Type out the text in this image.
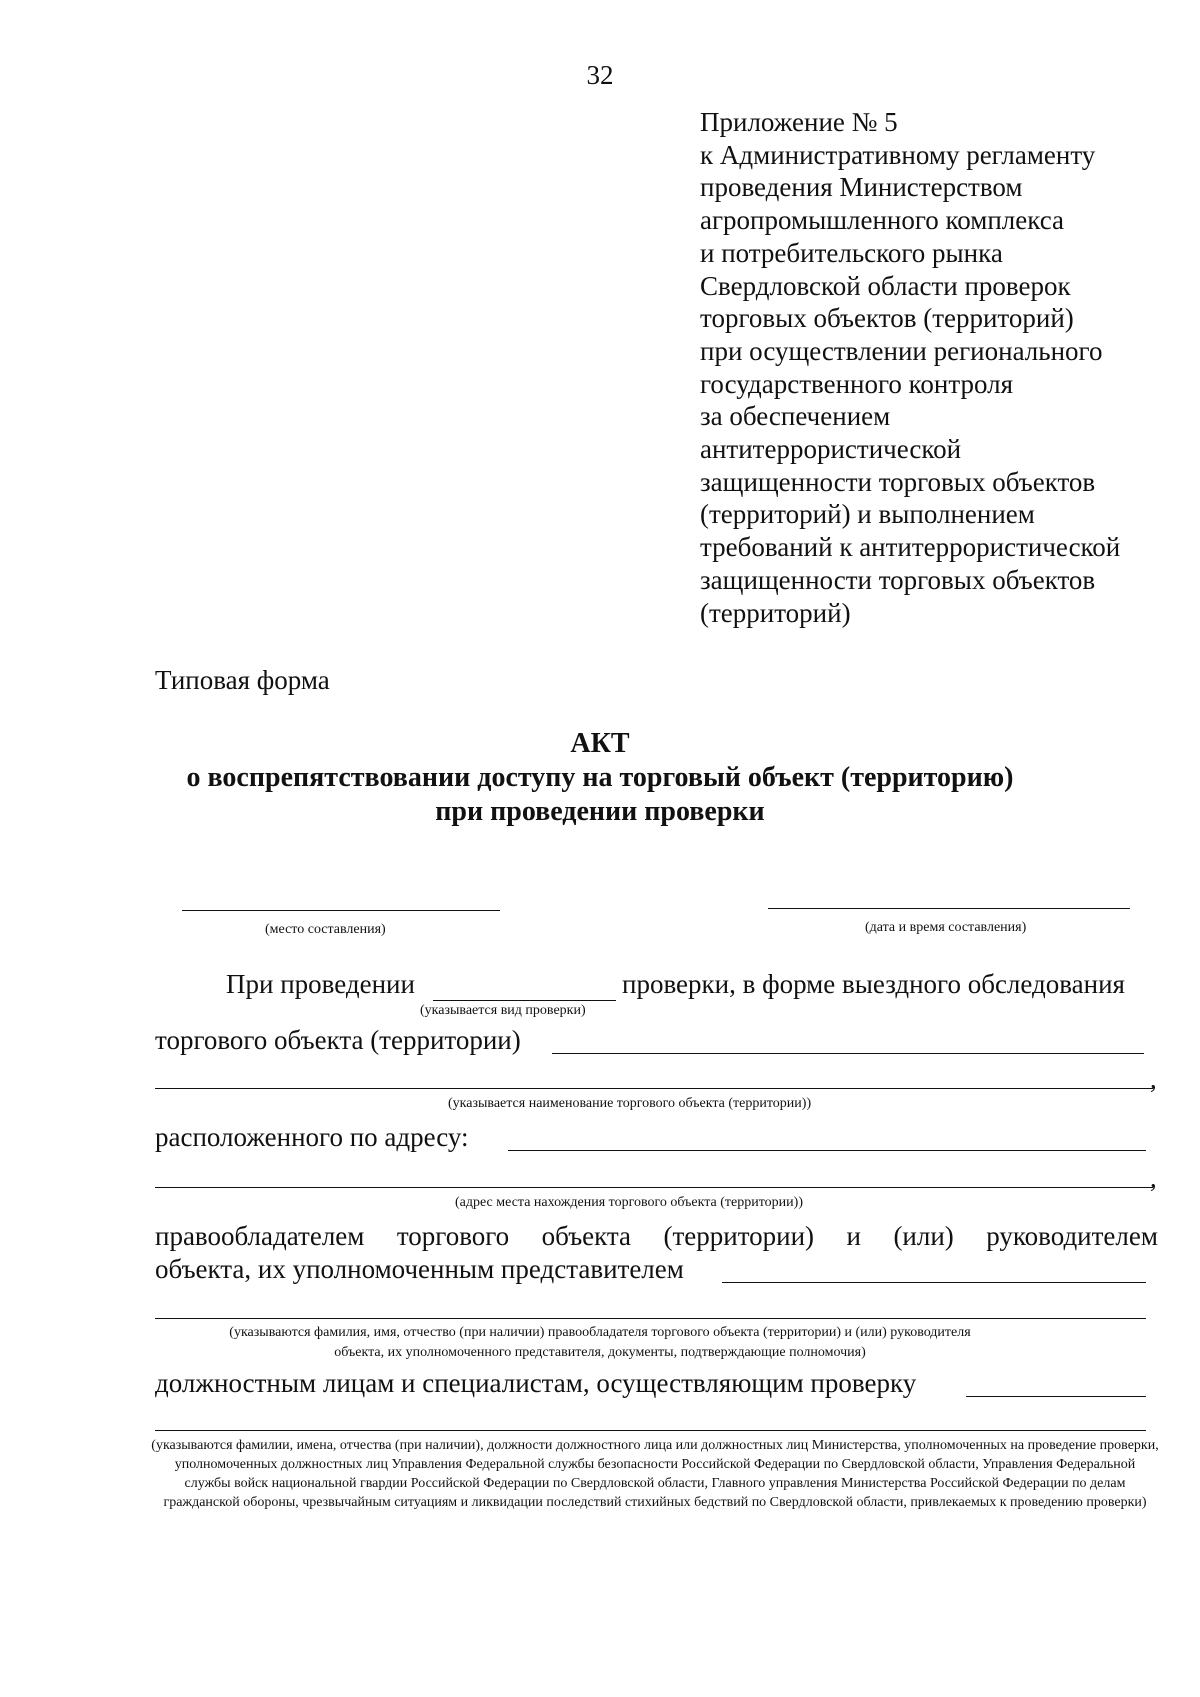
32
Приложение № 5
к Административному регламенту
проведения Министерством
агропромышленного комплекса
и потребительского рынка
Свердловской области проверок
торговых объектов (территорий)
при осуществлении регионального
государственного контроля
за обеспечением
антитеррористической
защищенности торговых объектов
(территорий) и выполнением
требований к антитеррористической
защищенности торговых объектов
(территорий)
Типовая форма
АКТ
о воспрепятствовании доступу на торговый объект (территорию)
при проведении проверки
(место составления)	(дата и время составления)
При проведении	проверки, в форме выездного обследования
(указывается вид проверки)
торгового объекта (территории)
,
(указывается наименование торгового объекта (территории))
расположенного по адресу:
,
(адрес места нахождения торгового объекта (территории))
правообладателем торгового объекта (территории) и (или) руководителем
объекта, их уполномоченным представителем
(указываются фамилия, имя, отчество (при наличии) правообладателя торгового объекта (территории) и (или) руководителя
объекта, их уполномоченного представителя, документы, подтверждающие полномочия)
должностным лицам и специалистам, осуществляющим проверку
(указываются фамилии, имена, отчества (при наличии), должности должностного лица или должностных лиц Министерства, уполномоченных на проведение проверки, уполномоченных должностных лиц Управления Федеральной службы безопасности Российской Федерации по Свердловской области, Управления Федеральной службы войск национальной гвардии Российской Федерации по Свердловской области, Главного управления Министерства Российской Федерации по делам гражданской обороны, чрезвычайным ситуациям и ликвидации последствий стихийных бедствий по Свердловской области, привлекаемых к проведению проверки)
